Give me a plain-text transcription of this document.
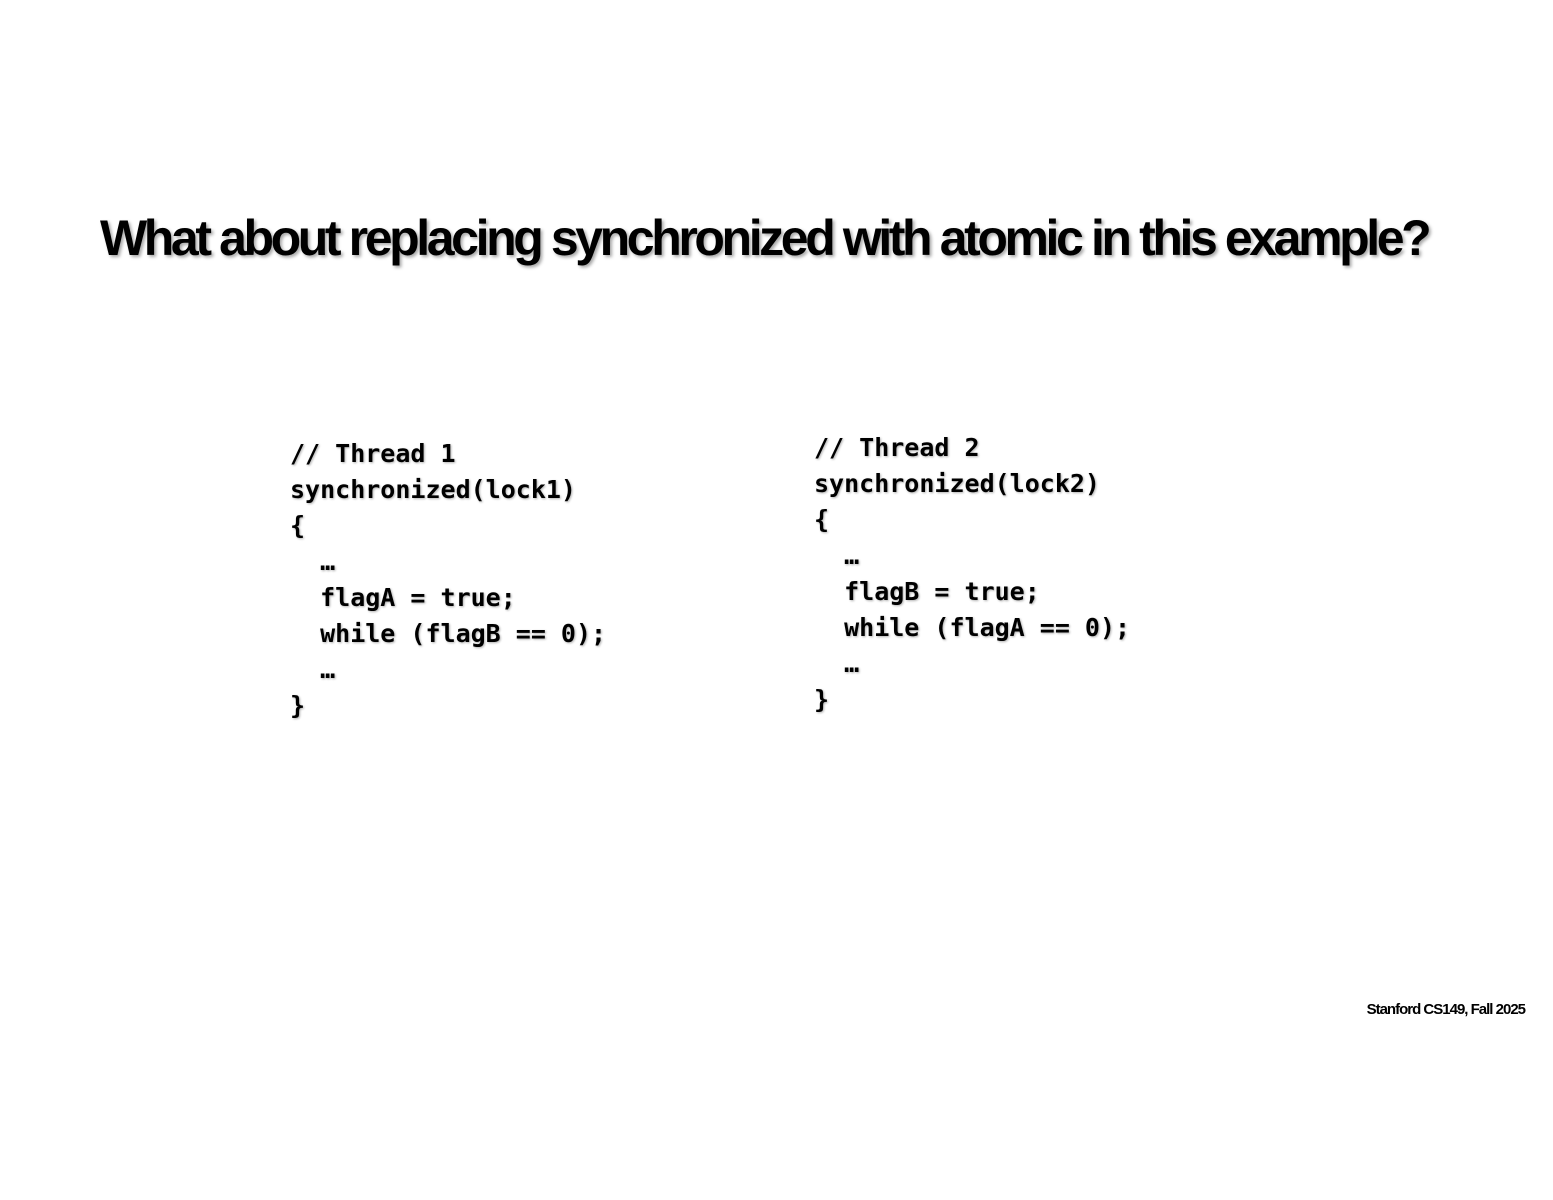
What about replacing synchronized with atomic in this example?
// Thread 1
synchronized(lock1)
{
…
flagA = true;
while (flagB == 0);
…
}
// Thread 2
synchronized(lock2)
{
…
flagB = true;
while (flagA == 0);
…
}
Stanford CS149, Fall 2025
